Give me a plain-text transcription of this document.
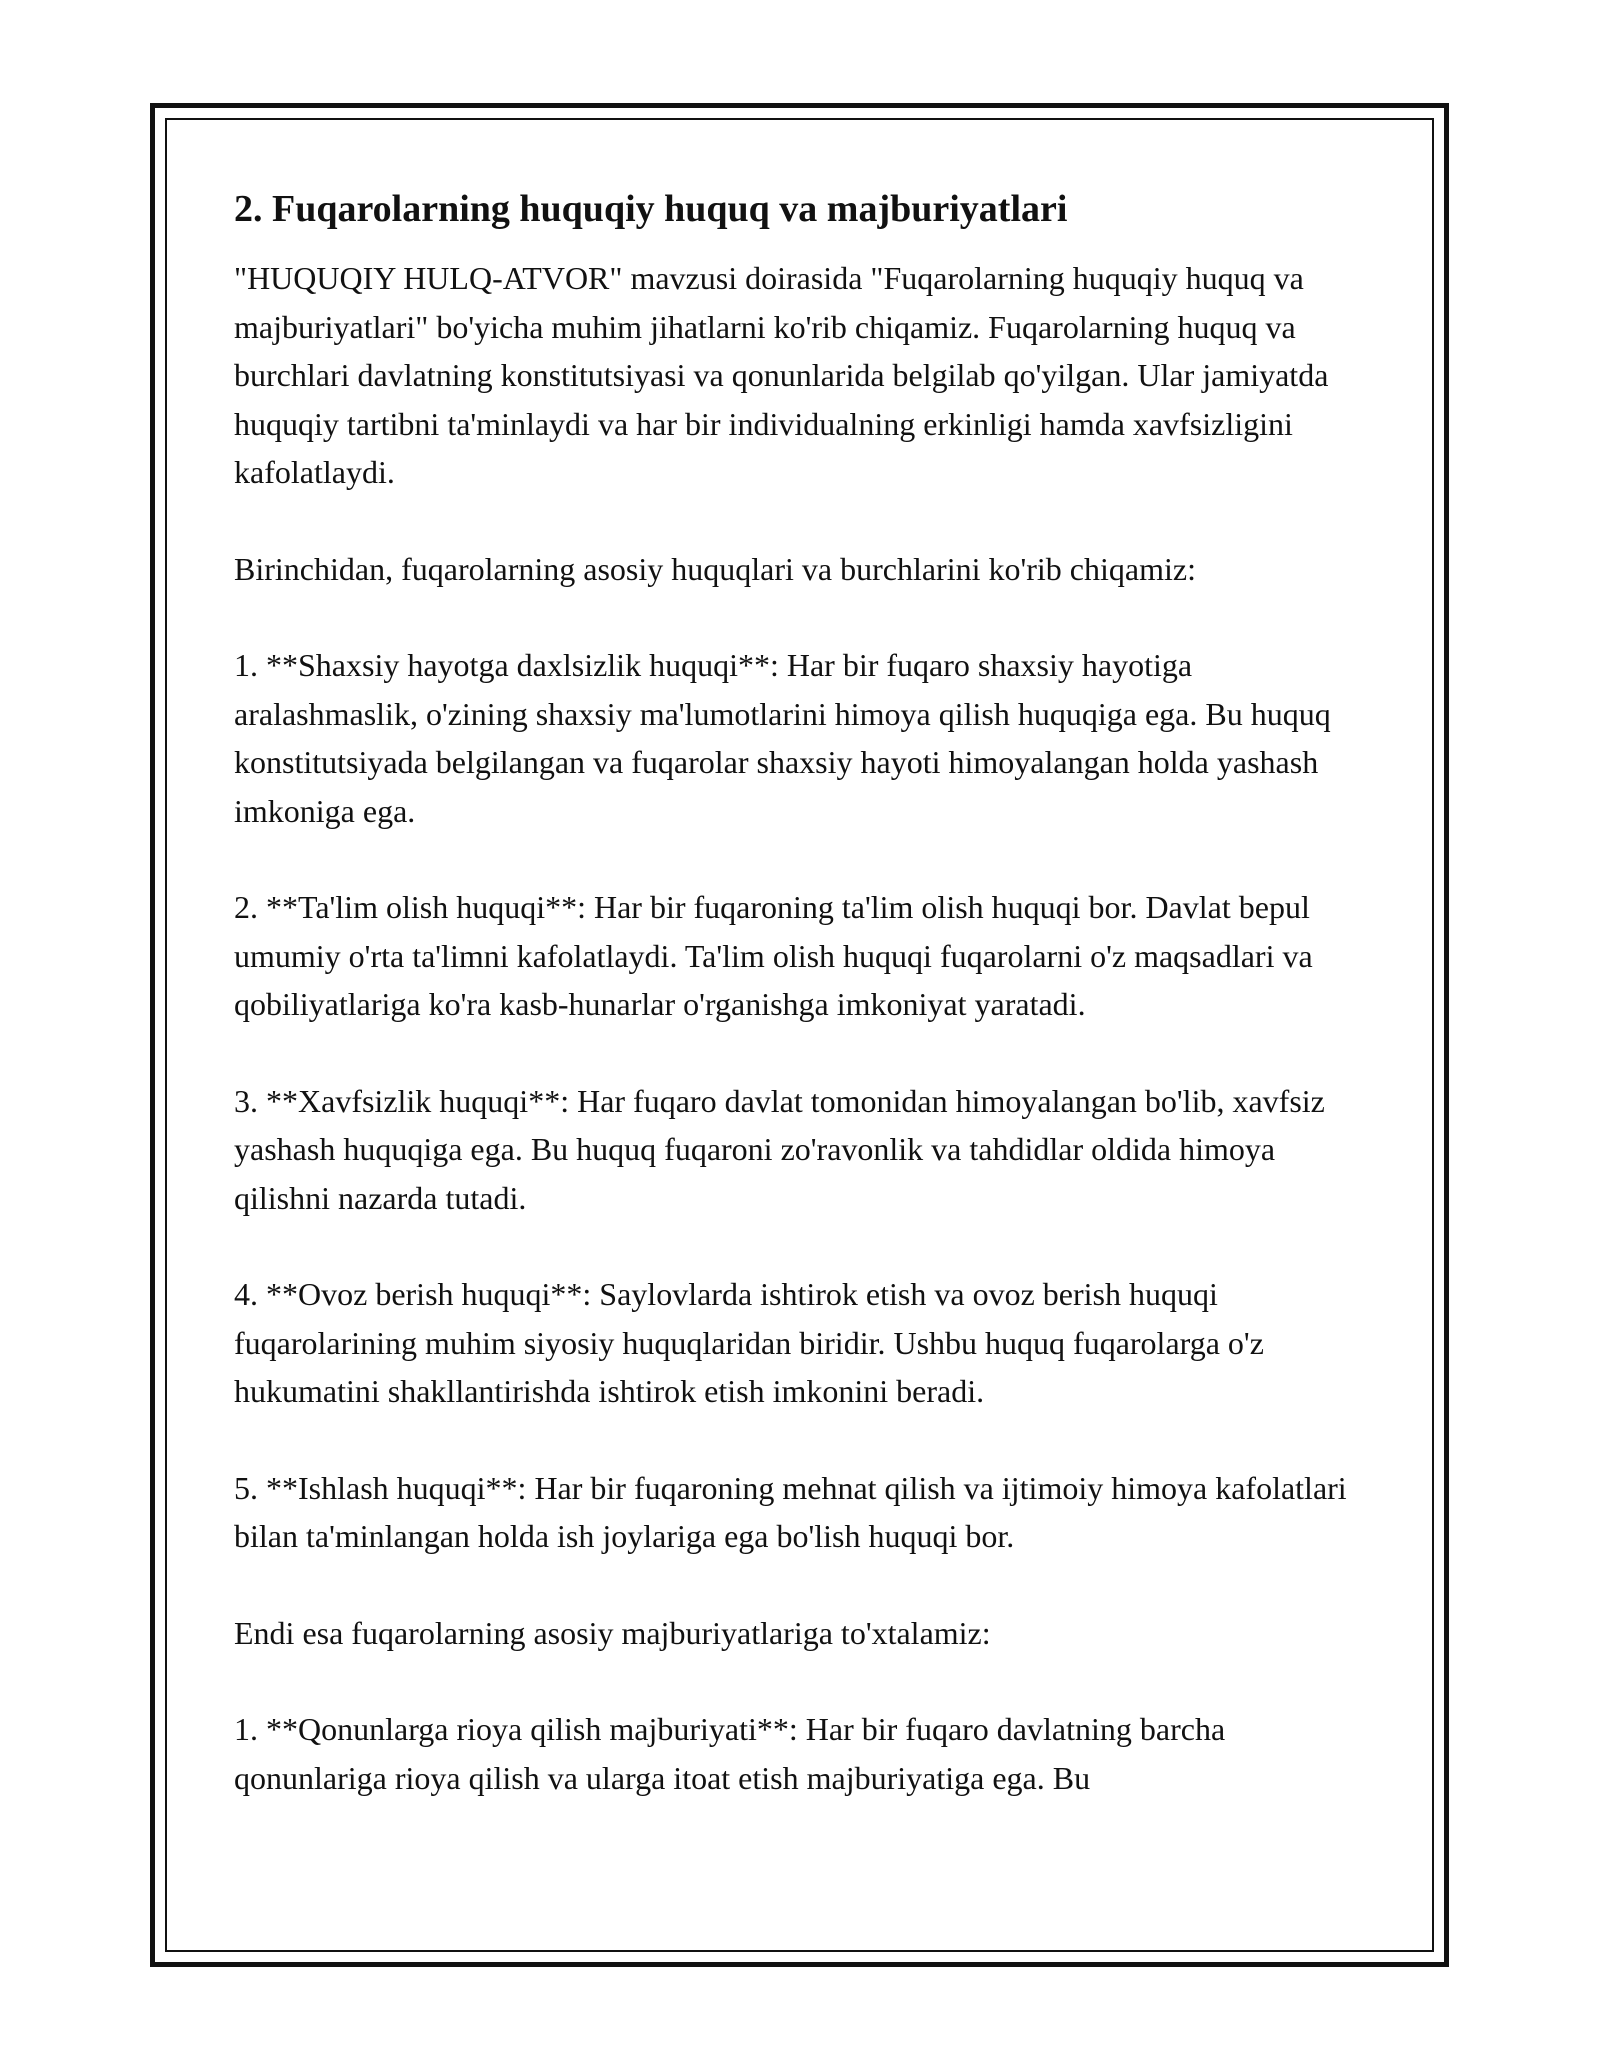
2. Fuqarolarning huquqiy huquq va majburiyatlari

"HUQUQIY HULQ-ATVOR" mavzusi doirasida "Fuqarolarning huquqiy huquq va majburiyatlari" bo'yicha muhim jihatlarni ko'rib chiqamiz. Fuqarolarning huquq va burchlari davlatning konstitutsiyasi va qonunlarida belgilab qo'yilgan. Ular jamiyatda huquqiy tartibni ta'minlaydi va har bir individualning erkinligi hamda xavfsizligini kafolatlaydi.

Birinchidan, fuqarolarning asosiy huquqlari va burchlarini ko'rib chiqamiz:

1. **Shaxsiy hayotga daxlsizlik huquqi**: Har bir fuqaro shaxsiy hayotiga aralashmaslik, o'zining shaxsiy ma'lumotlarini himoya qilish huquqiga ega. Bu huquq konstitutsiyada belgilangan va fuqarolar shaxsiy hayoti himoyalangan holda yashash imkoniga ega.

2. **Ta'lim olish huquqi**: Har bir fuqaroning ta'lim olish huquqi bor. Davlat bepul umumiy o'rta ta'limni kafolatlaydi. Ta'lim olish huquqi fuqarolarni o'z maqsadlari va qobiliyatlariga ko'ra kasb-hunarlar o'rganishga imkoniyat yaratadi.

3. **Xavfsizlik huquqi**: Har fuqaro davlat tomonidan himoyalangan bo'lib, xavfsiz yashash huquqiga ega. Bu huquq fuqaroni zo'ravonlik va tahdidlar oldida himoya qilishni nazarda tutadi.

4. **Ovoz berish huquqi**: Saylovlarda ishtirok etish va ovoz berish huquqi fuqarolarining muhim siyosiy huquqlaridan biridir. Ushbu huquq fuqarolarga o'z hukumatini shakllantirishda ishtirok etish imkonini beradi.

5. **Ishlash huquqi**: Har bir fuqaroning mehnat qilish va ijtimoiy himoya kafolatlari bilan ta'minlangan holda ish joylariga ega bo'lish huquqi bor.

Endi esa fuqarolarning asosiy majburiyatlariga to'xtalamiz:

1. **Qonunlarga rioya qilish majburiyati**: Har bir fuqaro davlatning barcha qonunlariga rioya qilish va ularga itoat etish majburiyatiga ega. Bu
